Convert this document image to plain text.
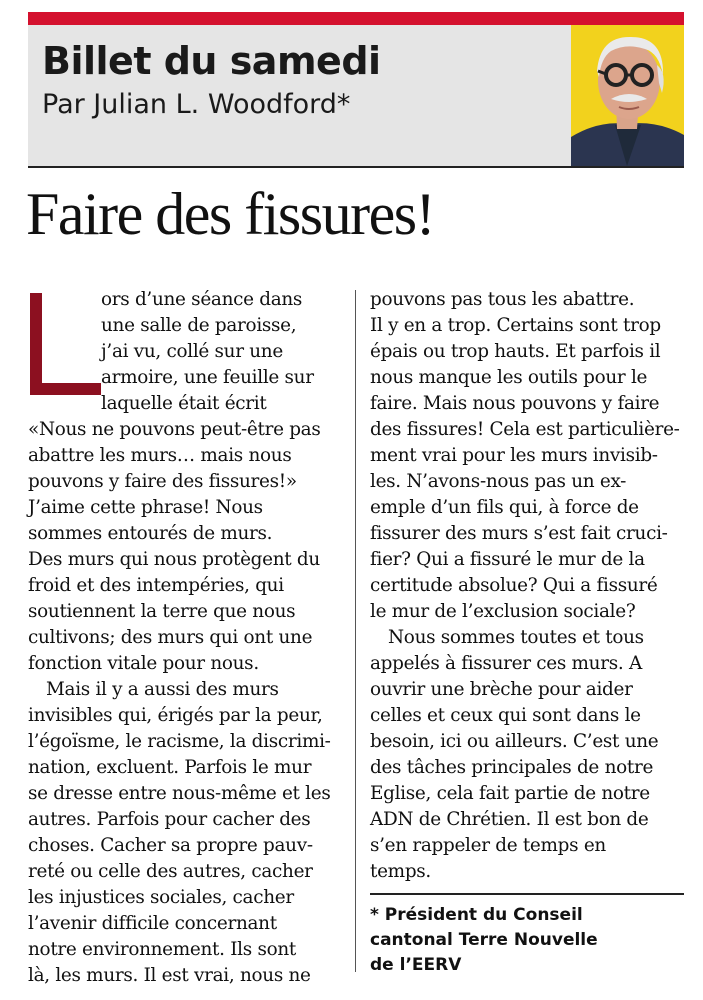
Billet du samedi
Par Julian L. Woodford*
Faire des fissures!

ors d’une séance dans

une salle de paroisse,

j’ai vu, collé sur une

armoire, une feuille sur

laquelle était écrit

«Nous ne pouvons peut-être pas

abattre les murs… mais nous

pouvons y faire des fissures!»

J’aime cette phrase! Nous

sommes entourés de murs.

Des murs qui nous protègent du

froid et des intempéries, qui

soutiennent la terre que nous

cultivons; des murs qui ont une

fonction vitale pour nous.

Mais il y a aussi des murs

invisibles qui, érigés par la peur,

l’égoïsme, le racisme, la discrimi-

nation, excluent. Parfois le mur

se dresse entre nous-même et les

autres. Parfois pour cacher des

choses. Cacher sa propre pauv-

reté ou celle des autres, cacher

les injustices sociales, cacher

l’avenir difficile concernant

notre environnement. Ils sont

là, les murs. Il est vrai, nous ne

pouvons pas tous les abattre.

Il y en a trop. Certains sont trop

épais ou trop hauts. Et parfois il

nous manque les outils pour le

faire. Mais nous pouvons y faire

des fissures! Cela est particulière-

ment vrai pour les murs invisib-

les. N’avons-nous pas un ex-

emple d’un fils qui, à force de

fissurer des murs s’est fait cruci-

fier? Qui a fissuré le mur de la

certitude absolue? Qui a fissuré

le mur de l’exclusion sociale?

Nous sommes toutes et tous

appelés à fissurer ces murs. A

ouvrir une brèche pour aider

celles et ceux qui sont dans le

besoin, ici ou ailleurs. C’est une

des tâches principales de notre

Eglise, cela fait partie de notre

ADN de Chrétien. Il est bon de

s’en rappeler de temps en

temps.

* Président du Conseil

cantonal Terre Nouvelle

de l’EERV
